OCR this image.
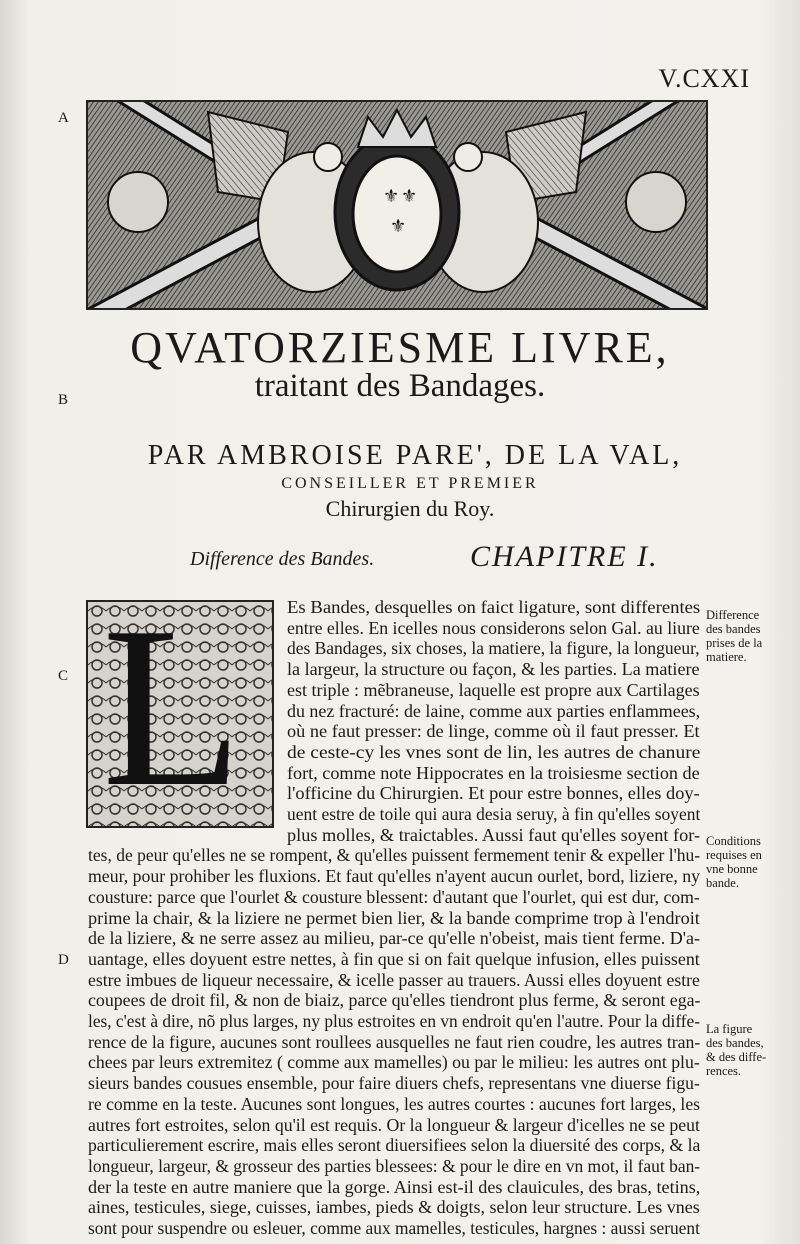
V.CXXI
A
B
C
D
⚜ ⚜
⚜
QVATORZIESME LIVRE,
traitant des Bandages.
PAR AMBROISE PARE', DE LA VAL,
CONSEILLER ET PREMIER
Chirurgien du Roy.
Difference des Bandes.	CHAPITRE I.
L Es Bandes, desquelles on faict ligature, sont differentes
entre elles. En icelles nous considerons selon Gal. au liure
des Bandages, six choses, la matiere, la figure, la longueur,
la largeur, la structure ou façon, & les parties. La matiere
est triple : mẽbraneuse, laquelle est propre aux Cartilages
du nez fracturé: de laine, comme aux parties enflammees,
où ne faut presser: de linge, comme où il faut presser. Et
de ceste-cy les vnes sont de lin, les autres de chanure
fort, comme note Hippocrates en la troisiesme section de
l'officine du Chirurgien. Et pour estre bonnes, elles doy-
uent estre de toile qui aura desia seruy, à fin qu'elles soyent
plus molles, & traictables. Aussi faut qu'elles soyent for-
tes, de peur qu'elles ne se rompent, & qu'elles puissent fermement tenir & expeller l'hu-
meur, pour prohiber les fluxions. Et faut qu'elles n'ayent aucun ourlet, bord, liziere, ny
cousture: parce que l'ourlet & cousture blessent: d'autant que l'ourlet, qui est dur, com-
prime la chair, & la liziere ne permet bien lier, & la bande comprime trop à l'endroit
de la liziere, & ne serre assez au milieu, par-ce qu'elle n'obeist, mais tient ferme. D'a-
uantage, elles doyuent estre nettes, à fin que si on fait quelque infusion, elles puissent
estre imbues de liqueur necessaire, & icelle passer au trauers. Aussi elles doyuent estre
coupees de droit fil, & non de biaiz, parce qu'elles tiendront plus ferme, & seront ega-
les, c'est à dire, nõ plus larges, ny plus estroites en vn endroit qu'en l'autre. Pour la diffe-
rence de la figure, aucunes sont roullees ausquelles ne faut rien coudre, les autres tran-
chees par leurs extremitez ( comme aux mamelles) ou par le milieu: les autres ont plu-
sieurs bandes cousues ensemble, pour faire diuers chefs, representans vne diuerse figu-
re comme en la teste. Aucunes sont longues, les autres courtes : aucunes fort larges, les
autres fort estroites, selon qu'il est requis. Or la longueur & largeur d'icelles ne se peut
particulierement escrire, mais elles seront diuersifiees selon la diuersité des corps, & la
longueur, largeur, & grosseur des parties blessees: & pour le dire en vn mot, il faut ban-
der la teste en autre maniere que la gorge. Ainsi est-il des clauicules, des bras, tetins,
aines, testicules, siege, cuisses, iambes, pieds & doigts, selon leur structure. Les vnes
sont pour suspendre ou esleuer, comme aux mamelles, testicules, hargnes : aussi seruent
Difference
des bandes
prises de la
matiere.
Conditions
requises en
vne bonne
bande.
La figure
des bandes,
& des diffe-
rences.
